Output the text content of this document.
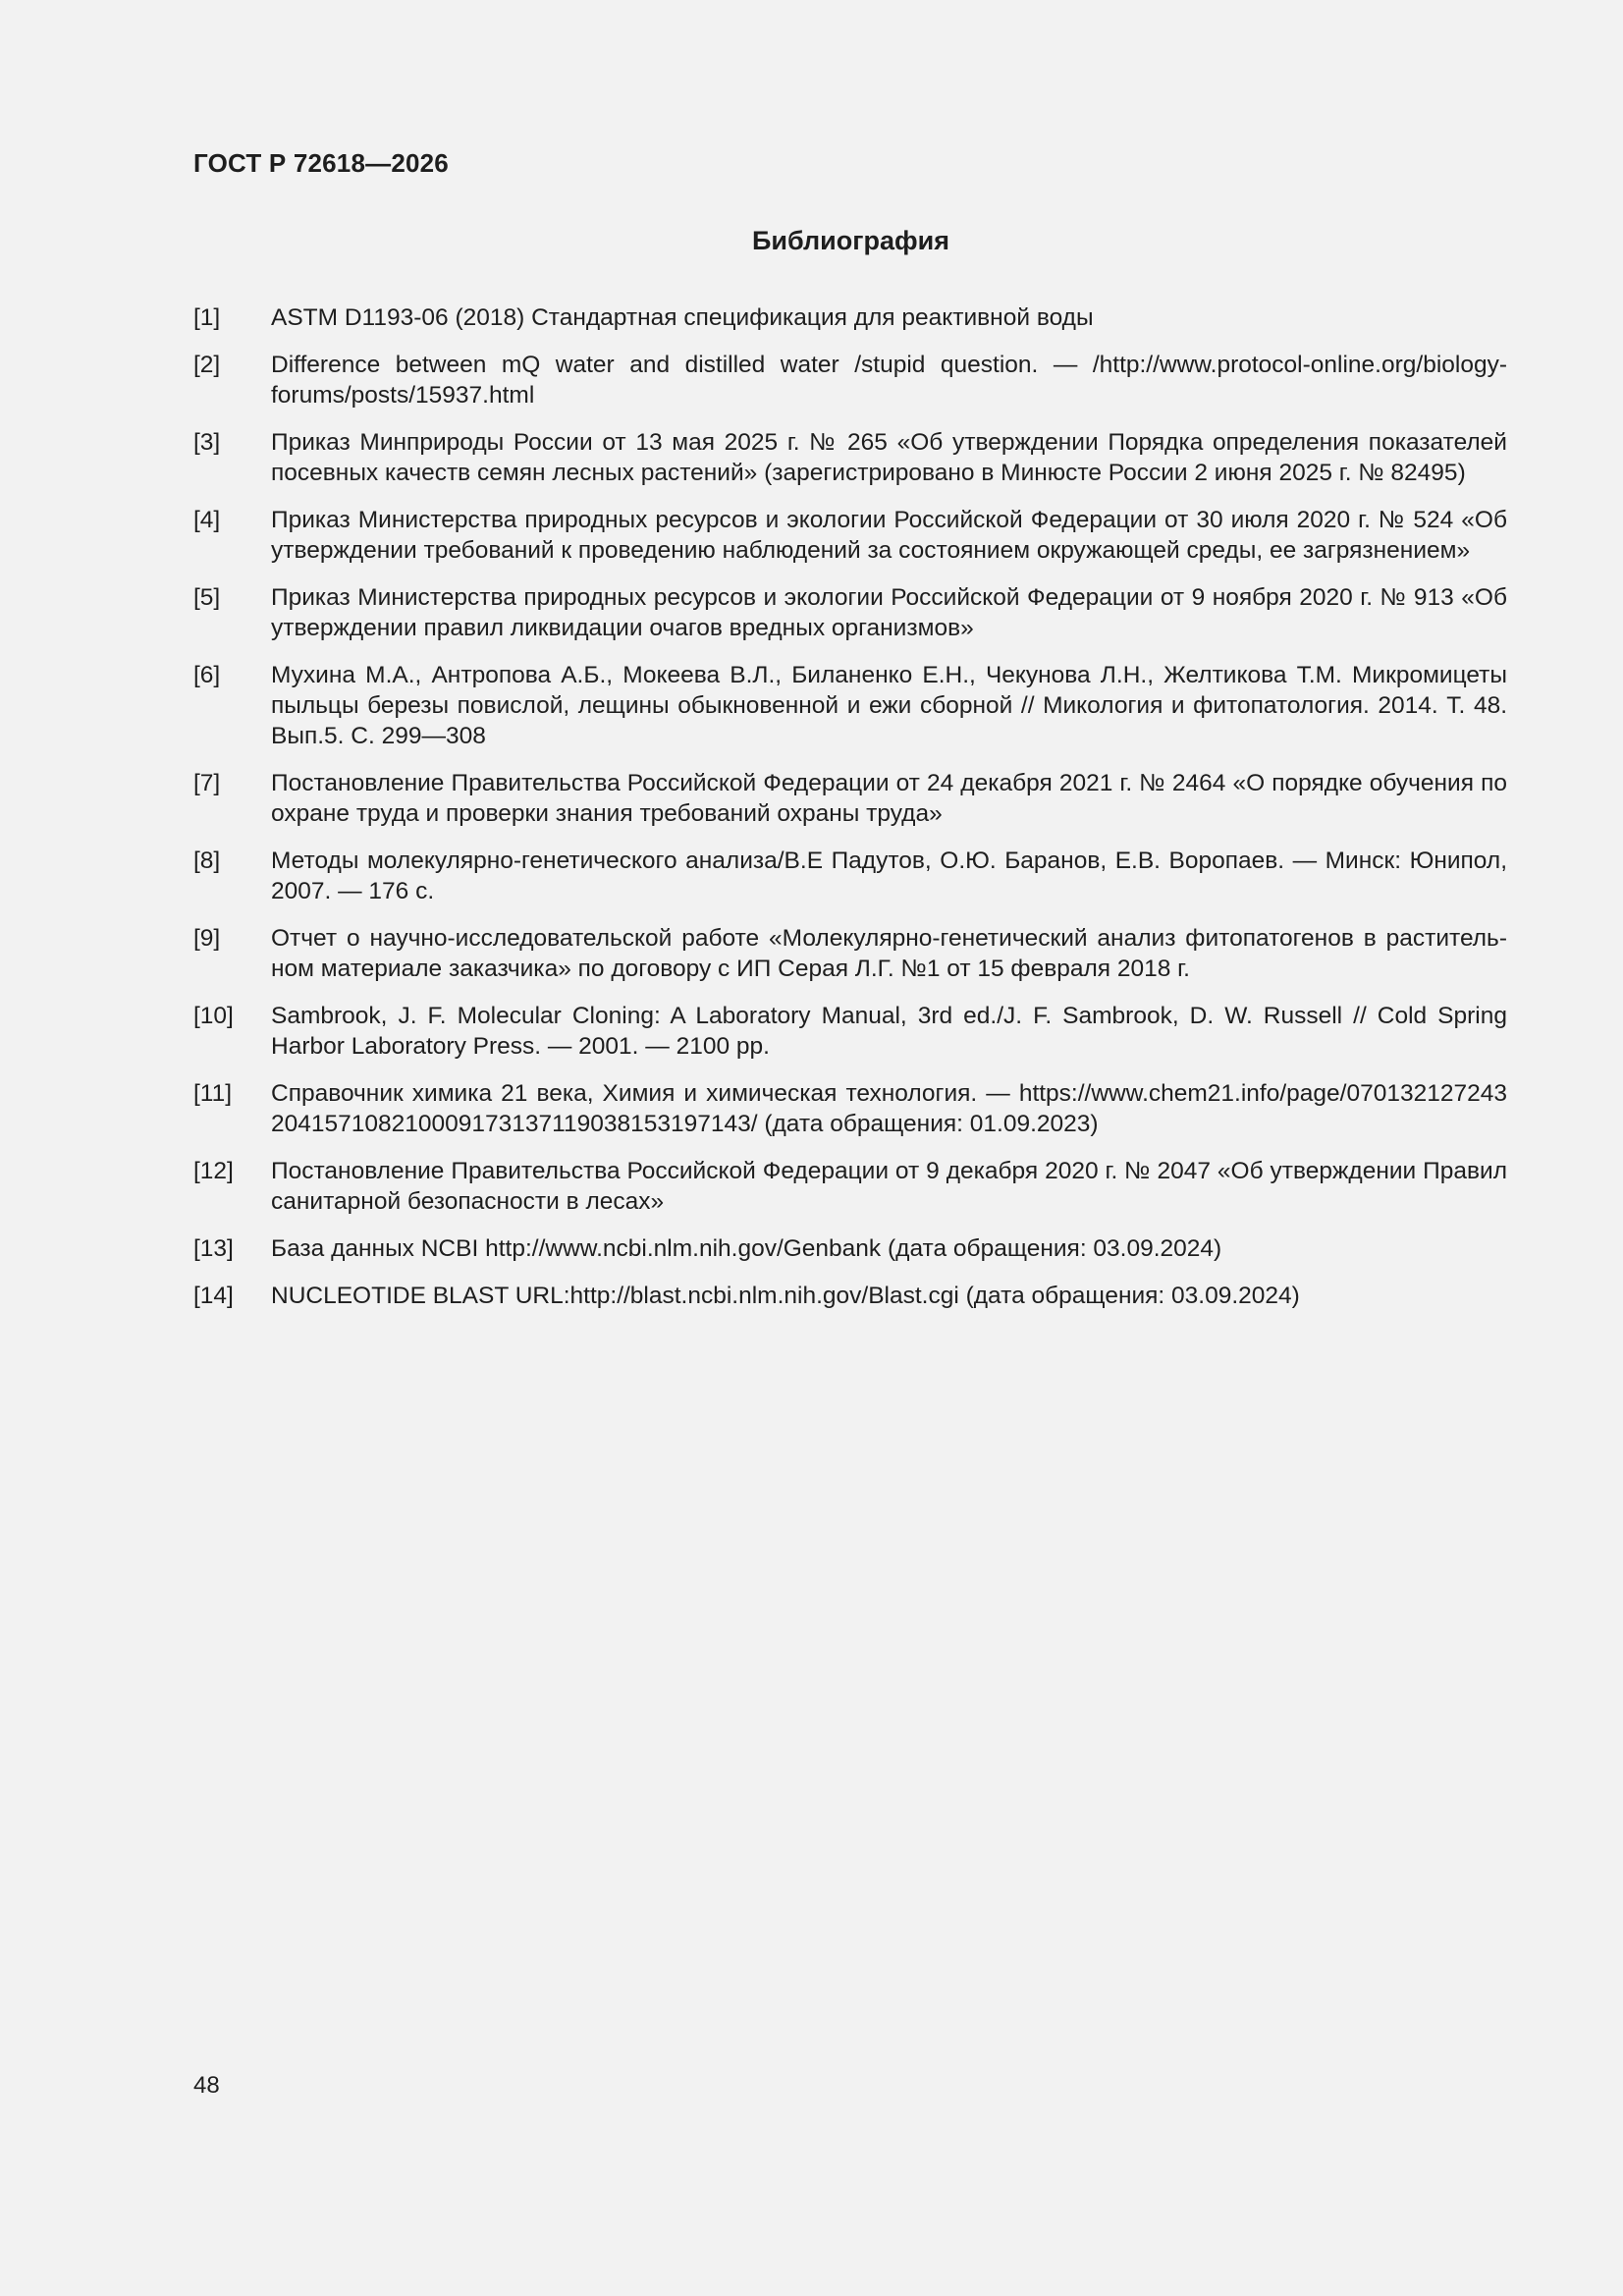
ГОСТ Р 72618—2026
Библиография
[1]	ASTM D1193-06 (2018) Стандартная спецификация для реактивной воды
[2]	Difference between mQ water and distilled water /stupid question. — /http://www.protocol-online.org/biology-forums/posts/15937.html
[3]	Приказ Минприроды России от 13 мая 2025 г. № 265 «Об утверждении Порядка определения показателей посевных качеств семян лесных растений» (зарегистрировано в Минюсте России 2 июня 2025 г. № 82495)
[4]	Приказ Министерства природных ресурсов и экологии Российской Федерации от 30 июля 2020 г. № 524 «Об утверждении требований к проведению наблюдений за состоянием окружающей среды, ее загрязнением»
[5]	Приказ Министерства природных ресурсов и экологии Российской Федерации от 9 ноября 2020 г. № 913 «Об утверждении правил ликвидации очагов вредных организмов»
[6]	Мухина М.А., Антропова А.Б., Мокеева В.Л., Биланенко Е.Н., Чекунова Л.Н., Желтикова Т.М. Микромицеты пыльцы березы повислой, лещины обыкновенной и ежи сборной // Микология и фитопатология. 2014. Т. 48. Вып.5. С. 299—308
[7]	Постановление Правительства Российской Федерации от 24 декабря 2021 г. № 2464 «О порядке обучения по охране труда и проверки знания требований охраны труда»
[8]	Методы молекулярно-генетического анализа/В.Е Падутов, О.Ю. Баранов, Е.В. Воропаев. — Минск: Юнипол, 2007. — 176 с.
[9]	Отчет о научно-исследовательской работе «Молекулярно-генетический анализ фитопатогенов в растительном материале заказчика» по договору с ИП Серая Л.Г. №1 от 15 февраля 2018 г.
[10]	Sambrook, J. F. Molecular Cloning: A Laboratory Manual, 3rd ed./J. F. Sambrook, D. W. Russell // Cold Spring Harbor Laboratory Press. — 2001. — 2100 pp.
[11]	Справочник химика 21 века, Химия и химическая технология. — https://www.chem21.info/page/070132127243 2041571082100091731371190381531971​43/ (дата обращения: 01.09.2023)
[12]	Постановление Правительства Российской Федерации от 9 декабря 2020 г. № 2047 «Об утверждении Правил санитарной безопасности в лесах»
[13]	База данных NCBI http://www.ncbi.nlm.nih.gov/Genbank (дата обращения: 03.09.2024)
[14]	NUCLEOTIDE BLAST URL:http://blast.ncbi.nlm.nih.gov/Blast.cgi (дата обращения: 03.09.2024)
48
